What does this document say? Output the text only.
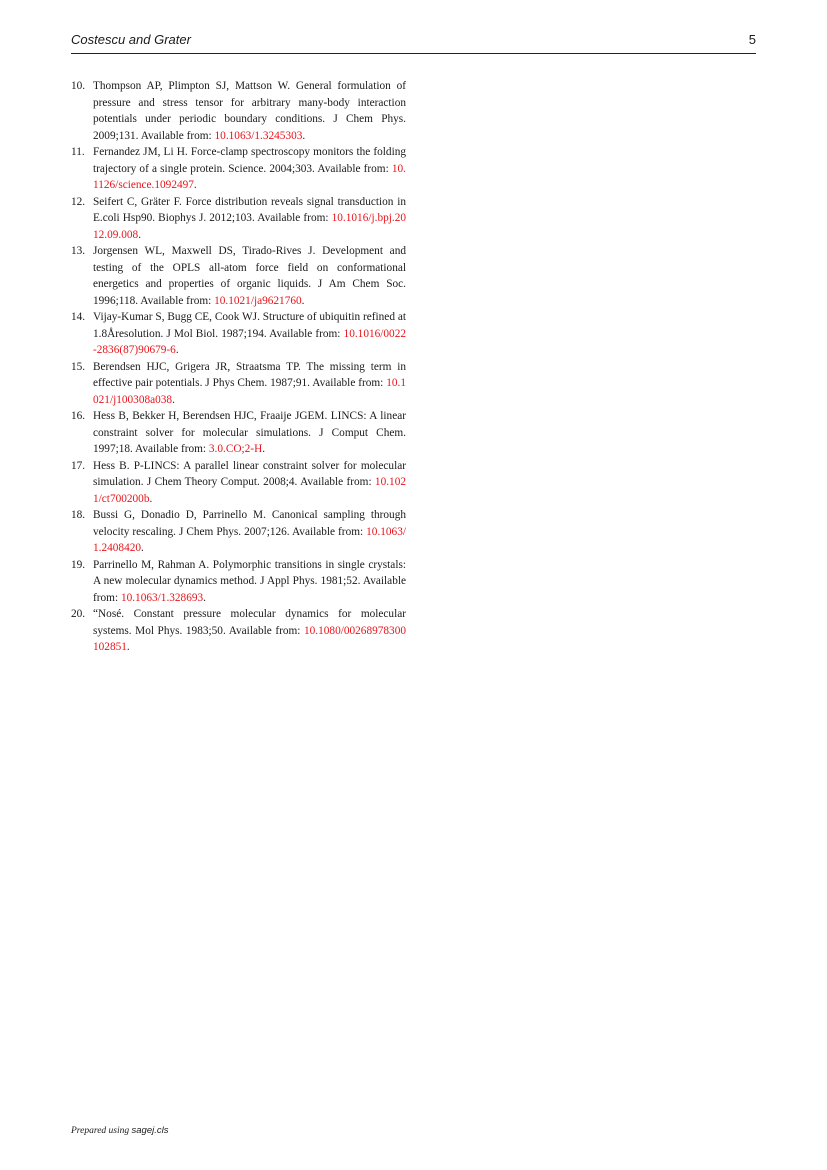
Costescu and Grater	5
10. Thompson AP, Plimpton SJ, Mattson W. General formulation of pressure and stress tensor for arbitrary many-body interaction potentials under periodic boundary conditions. J Chem Phys. 2009;131. Available from: 10.1063/1.3245303.
11. Fernandez JM, Li H. Force-clamp spectroscopy monitors the folding trajectory of a single protein. Science. 2004;303. Available from: 10.1126/science.1092497.
12. Seifert C, Gräter F. Force distribution reveals signal transduction in E.coli Hsp90. Biophys J. 2012;103. Available from: 10.1016/j.bpj.2012.09.008.
13. Jorgensen WL, Maxwell DS, Tirado-Rives J. Development and testing of the OPLS all-atom force field on conformational energetics and properties of organic liquids. J Am Chem Soc. 1996;118. Available from: 10.1021/ja9621760.
14. Vijay-Kumar S, Bugg CE, Cook WJ. Structure of ubiquitin refined at 1.8Åresolution. J Mol Biol. 1987;194. Available from: 10.1016/0022-2836(87)90679-6.
15. Berendsen HJC, Grigera JR, Straatsma TP. The missing term in effective pair potentials. J Phys Chem. 1987;91. Available from: 10.1021/j100308a038.
16. Hess B, Bekker H, Berendsen HJC, Fraaije JGEM. LINCS: A linear constraint solver for molecular simulations. J Comput Chem. 1997;18. Available from: 3.0.CO;2-H.
17. Hess B. P-LINCS: A parallel linear constraint solver for molecular simulation. J Chem Theory Comput. 2008;4. Available from: 10.1021/ct700200b.
18. Bussi G, Donadio D, Parrinello M. Canonical sampling through velocity rescaling. J Chem Phys. 2007;126. Available from: 10.1063/1.2408420.
19. Parrinello M, Rahman A. Polymorphic transitions in single crystals: A new molecular dynamics method. J Appl Phys. 1981;52. Available from: 10.1063/1.328693.
20. “Nosé. Constant pressure molecular dynamics for molecular systems. Mol Phys. 1983;50. Available from: 10.1080/00268978300102851.
Prepared using sagej.cls
